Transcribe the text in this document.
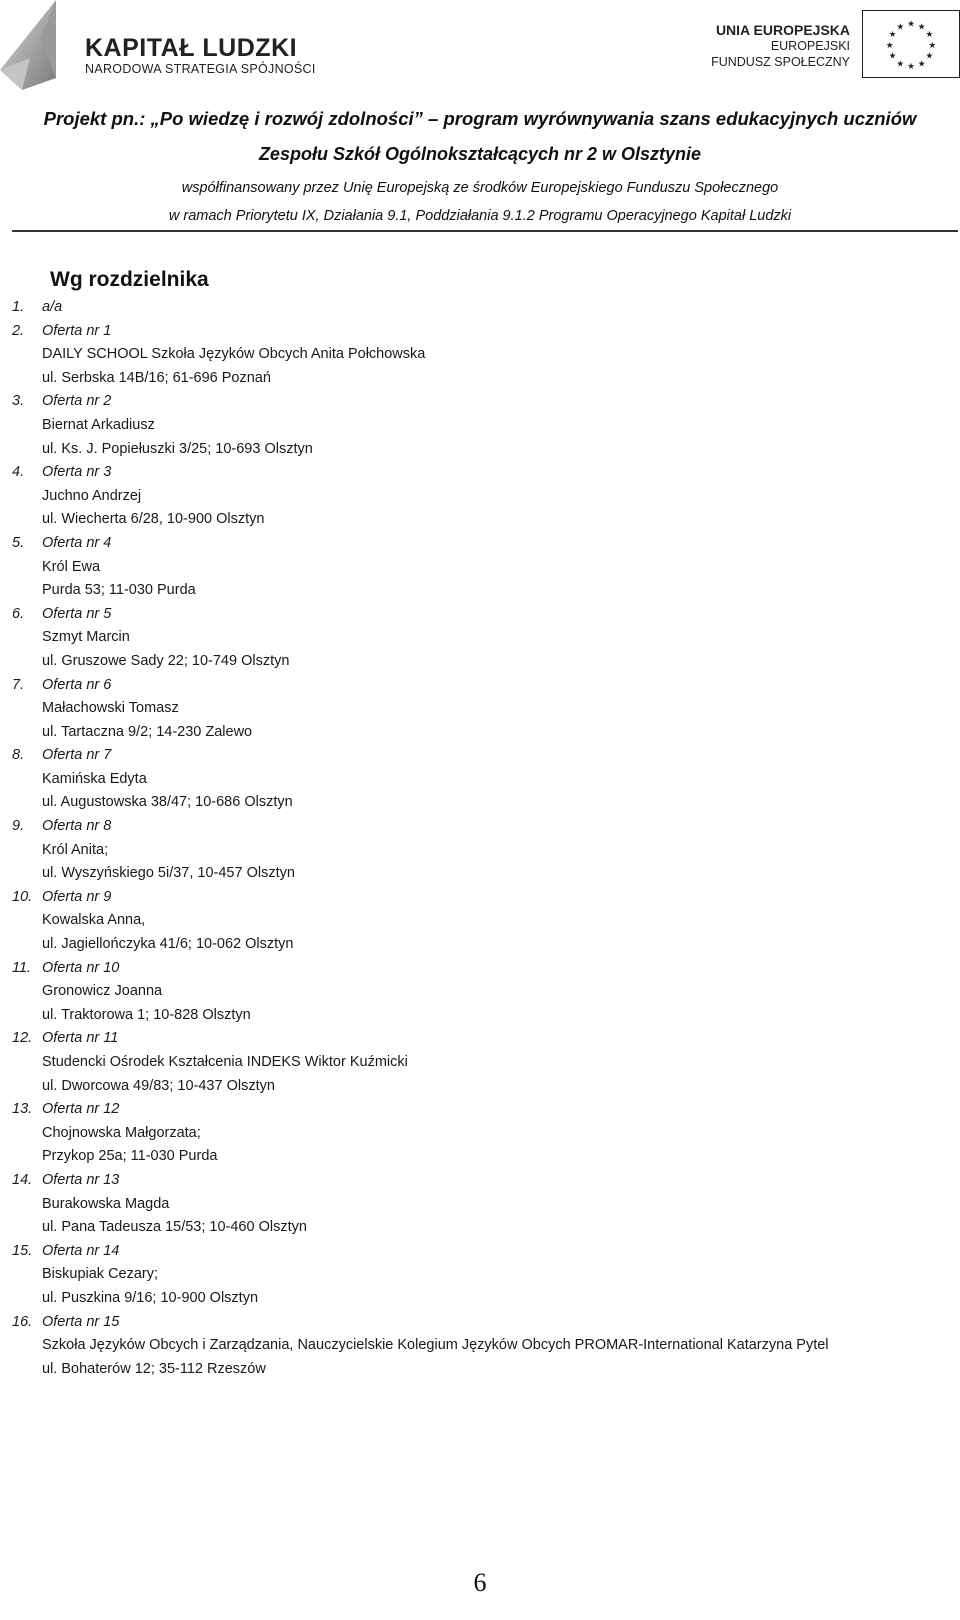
KAPITAŁ LUDZKI
NARODOWA STRATEGIA SPÓJNOŚCI
UNIA EUROPEJSKA
EUROPEJSKI
FUNDUSZ SPOŁECZNY
★ ★
★
★
★
★
★
★
★
★
★
★
Projekt pn.: „Po wiedzę i rozwój zdolności” – program wyrównywania szans edukacyjnych uczniów
Zespołu Szkół Ogólnokształcących nr 2 w Olsztynie
współfinansowany przez Unię Europejską ze środków Europejskiego Funduszu Społecznego
w ramach Priorytetu IX, Działania 9.1, Poddziałania 9.1.2 Programu Operacyjnego Kapitał Ludzki
Wg rozdzielnika
1. a/a
2. Oferta nr 1
DAILY SCHOOL Szkoła Języków Obcych Anita Połchowska
ul. Serbska 14B/16; 61-696 Poznań
3. Oferta nr 2
Biernat Arkadiusz
ul. Ks. J. Popiełuszki 3/25; 10-693 Olsztyn
4. Oferta nr 3
Juchno Andrzej
ul. Wiecherta 6/28, 10-900 Olsztyn
5. Oferta nr 4
Król Ewa
Purda 53; 11-030 Purda
6. Oferta nr 5
Szmyt Marcin
ul. Gruszowe Sady 22; 10-749 Olsztyn
7. Oferta nr 6
Małachowski Tomasz
ul. Tartaczna 9/2; 14-230 Zalewo
8. Oferta nr 7
Kamińska Edyta
ul. Augustowska 38/47; 10-686 Olsztyn
9. Oferta nr 8
Król Anita;
ul. Wyszyńskiego 5i/37, 10-457 Olsztyn
10. Oferta nr 9
Kowalska Anna,
ul. Jagiellończyka 41/6; 10-062 Olsztyn
11. Oferta nr 10
Gronowicz Joanna
ul. Traktorowa 1; 10-828 Olsztyn
12. Oferta nr 11
Studencki Ośrodek Kształcenia INDEKS Wiktor Kuźmicki
ul. Dworcowa 49/83; 10-437 Olsztyn
13. Oferta nr 12
Chojnowska Małgorzata;
Przykop 25a; 11-030 Purda
14. Oferta nr 13
Burakowska Magda
ul. Pana Tadeusza 15/53; 10-460 Olsztyn
15. Oferta nr 14
Biskupiak Cezary;
ul. Puszkina 9/16; 10-900 Olsztyn
16. Oferta nr 15
Szkoła Języków Obcych i Zarządzania, Nauczycielskie Kolegium Języków Obcych PROMAR-International Katarzyna Pytel
ul. Bohaterów 12; 35-112 Rzeszów
6
